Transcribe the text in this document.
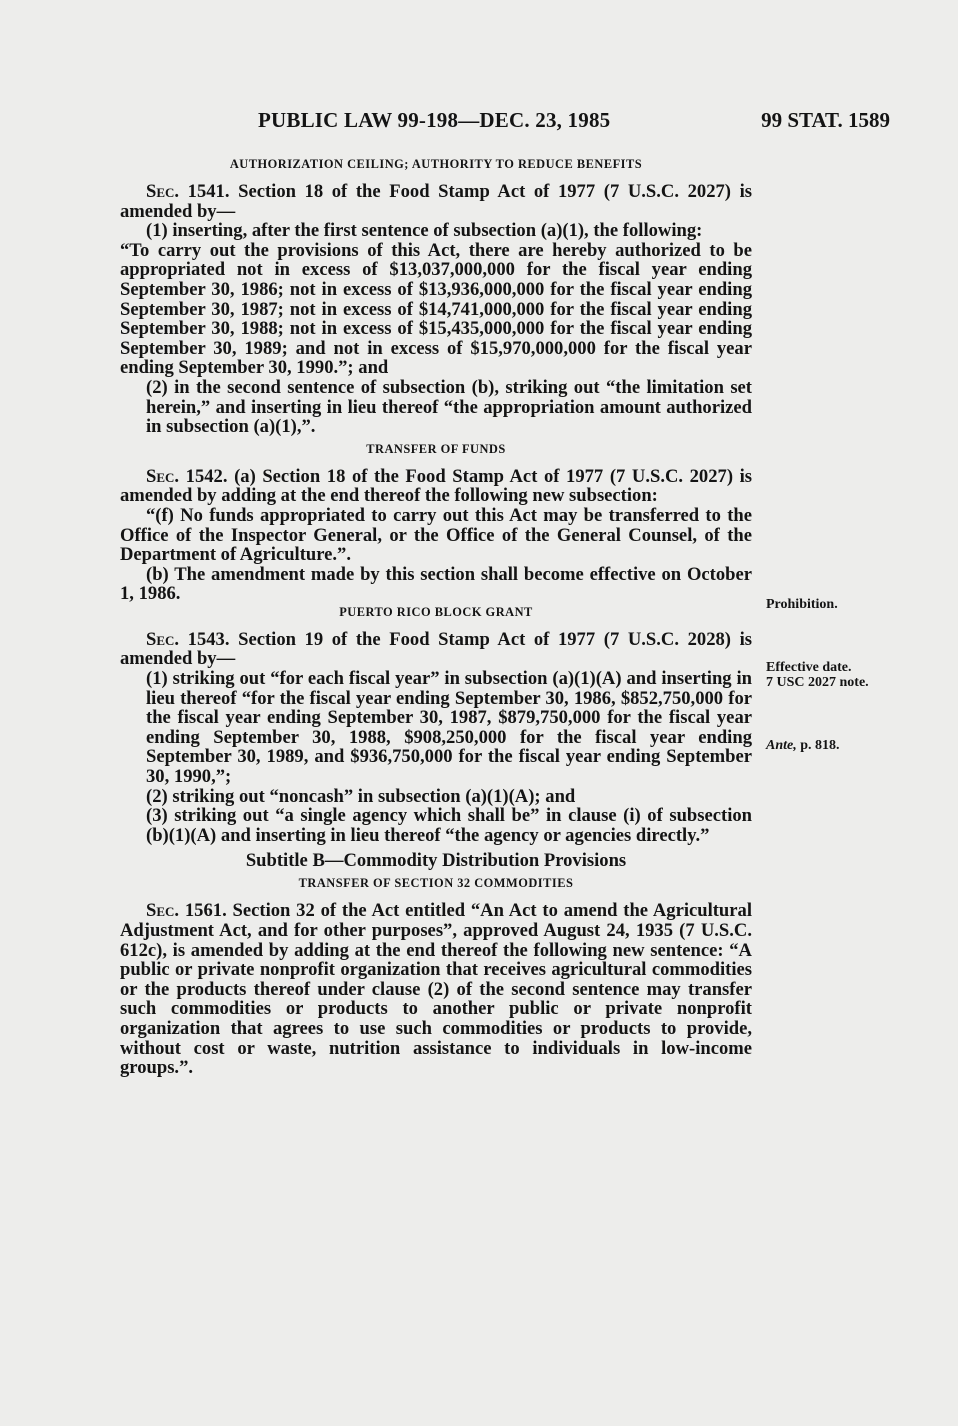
PUBLIC LAW 99-198—DEC. 23, 1985	99 STAT. 1589
AUTHORIZATION CEILING; AUTHORITY TO REDUCE BENEFITS

Sec. 1541. Section 18 of the Food Stamp Act of 1977 (7 U.S.C. 2027) is amended by—

(1) inserting, after the first sentence of subsection (a)(1), the following:

“To carry out the provisions of this Act, there are hereby authorized to be appropriated not in excess of $13,037,000,000 for the fiscal year ending September 30, 1986; not in excess of $13,936,000,000 for the fiscal year ending September 30, 1987; not in excess of $14,741,000,000 for the fiscal year ending September 30, 1988; not in excess of $15,435,000,000 for the fiscal year ending September 30, 1989; and not in excess of $15,970,000,000 for the fiscal year ending September 30, 1990.”; and

(2) in the second sentence of subsection (b), striking out “the limitation set herein,” and inserting in lieu thereof “the appropriation amount authorized in subsection (a)(1),”.

TRANSFER OF FUNDS

Sec. 1542. (a) Section 18 of the Food Stamp Act of 1977 (7 U.S.C. 2027) is amended by adding at the end thereof the following new subsection:

“(f) No funds appropriated to carry out this Act may be transferred to the Office of the Inspector General, or the Office of the General Counsel, of the Department of Agriculture.”.

(b) The amendment made by this section shall become effective on October 1, 1986.

PUERTO RICO BLOCK GRANT

Sec. 1543. Section 19 of the Food Stamp Act of 1977 (7 U.S.C. 2028) is amended by—

(1) striking out “for each fiscal year” in subsection (a)(1)(A) and inserting in lieu thereof “for the fiscal year ending September 30, 1986, $852,750,000 for the fiscal year ending September 30, 1987, $879,750,000 for the fiscal year ending September 30, 1988, $908,250,000 for the fiscal year ending September 30, 1989, and $936,750,000 for the fiscal year ending September 30, 1990,”;

(2) striking out “noncash” in subsection (a)(1)(A); and

(3) striking out “a single agency which shall be” in clause (i) of subsection (b)(1)(A) and inserting in lieu thereof “the agency or agencies directly.”

Subtitle B—Commodity Distribution Provisions
TRANSFER OF SECTION 32 COMMODITIES

Sec. 1561. Section 32 of the Act entitled “An Act to amend the Agricultural Adjustment Act, and for other purposes”, approved August 24, 1935 (7 U.S.C. 612c), is amended by adding at the end thereof the following new sentence: “A public or private nonprofit organization that receives agricultural commodities or the products thereof under clause (2) of the second sentence may transfer such commodities or products to another public or private nonprofit organization that agrees to use such commodities or products to provide, without cost or waste, nutrition assistance to individuals in low-income groups.”.

Prohibition.
Effective date.
7 USC 2027 note.
Ante, p. 818.
